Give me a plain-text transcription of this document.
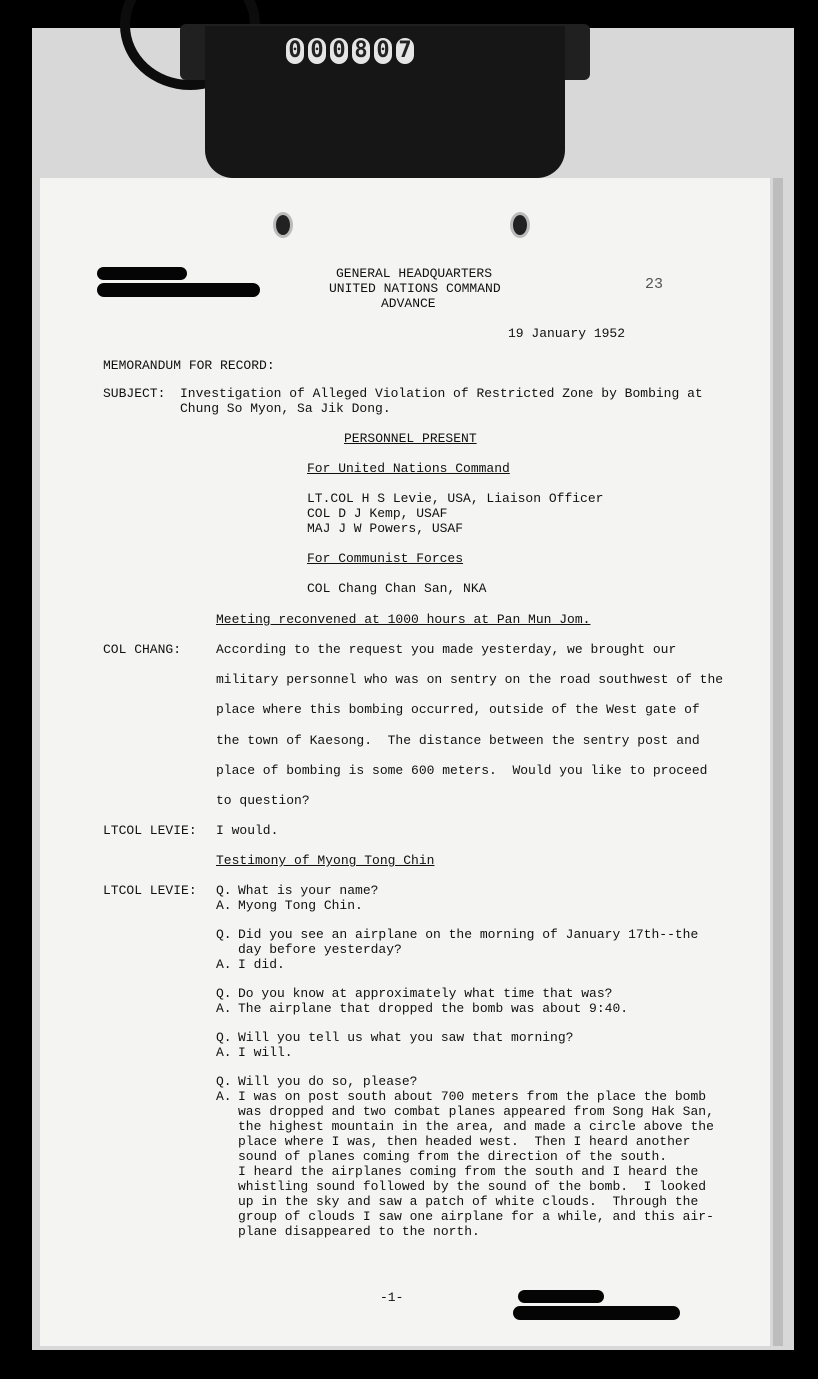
0 0 0 8 0 7
GENERAL HEADQUARTERS
UNITED NATIONS COMMAND
ADVANCE
23
19 January 1952
MEMORANDUM FOR RECORD:
SUBJECT: Investigation of Alleged Violation of Restricted Zone by Bombing at
Chung So Myon, Sa Jik Dong.
PERSONNEL PRESENT
For United Nations Command
LT.COL H S Levie, USA, Liaison Officer
COL D J Kemp, USAF
MAJ J W Powers, USAF
For Communist Forces
COL Chang Chan San, NKA
Meeting reconvened at 1000 hours at Pan Mun Jom.
COL CHANG:	According to the request you made yesterday, we brought our
military personnel who was on sentry on the road southwest of the
place where this bombing occurred, outside of the West gate of
the town of Kaesong.  The distance between the sentry post and
place of bombing is some 600 meters.  Would you like to proceed
to question?
LTCOL LEVIE: I would.
Testimony of Myong Tong Chin
LTCOL LEVIE: Q. What is your name?
A. Myong Tong Chin.
Q. Did you see an airplane on the morning of January 17th--the
day before yesterday?
A. I did.
Q. Do you know at approximately what time that was?
A. The airplane that dropped the bomb was about 9:40.
Q. Will you tell us what you saw that morning?
A. I will.
Q. Will you do so, please?
A. I was on post south about 700 meters from the place the bomb
was dropped and two combat planes appeared from Song Hak San,
the highest mountain in the area, and made a circle above the
place where I was, then headed west.  Then I heard another
sound of planes coming from the direction of the south.
I heard the airplanes coming from the south and I heard the
whistling sound followed by the sound of the bomb.  I looked
up in the sky and saw a patch of white clouds.  Through the
group of clouds I saw one airplane for a while, and this air-
plane disappeared to the north.
-1-
